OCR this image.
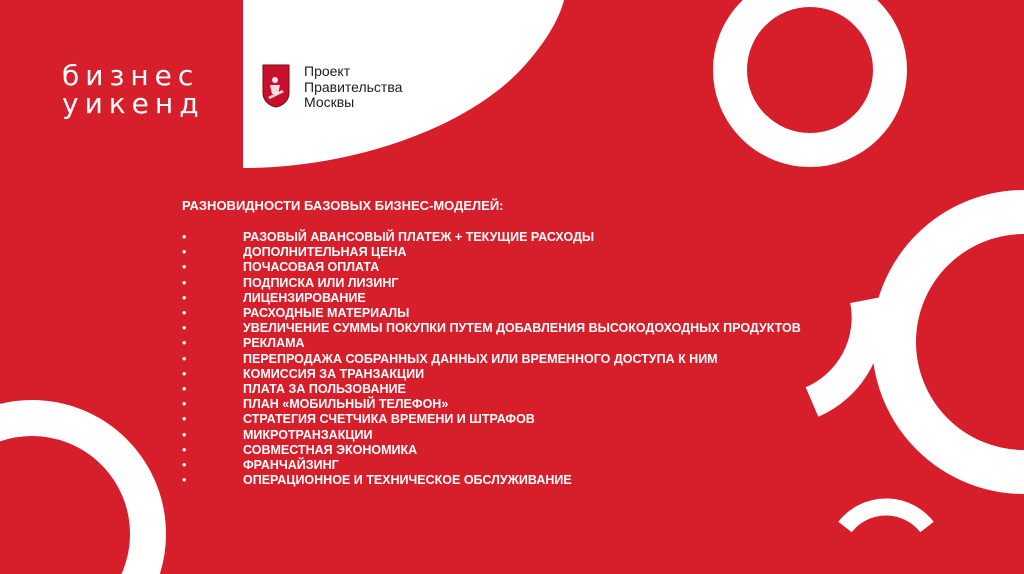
бизнес
уикенд
Проект
Правительства
Москвы
РАЗНОВИДНОСТИ БАЗОВЫХ БИЗНЕС-МОДЕЛЕЙ:
•	РАЗОВЫЙ АВАНСОВЫЙ ПЛАТЕЖ + ТЕКУЩИЕ РАСХОДЫ
•	ДОПОЛНИТЕЛЬНАЯ ЦЕНА
•	ПОЧАСОВАЯ ОПЛАТА
•	ПОДПИСКА ИЛИ ЛИЗИНГ
•	ЛИЦЕНЗИРОВАНИЕ
•	РАСХОДНЫЕ МАТЕРИАЛЫ
•	УВЕЛИЧЕНИЕ СУММЫ ПОКУПКИ ПУТЕМ ДОБАВЛЕНИЯ ВЫСОКОДОХОДНЫХ ПРОДУКТОВ
•	РЕКЛАМА
•	ПЕРЕПРОДАЖА СОБРАННЫХ ДАННЫХ ИЛИ ВРЕМЕННОГО ДОСТУПА К НИМ
•	КОМИССИЯ ЗА ТРАНЗАКЦИИ
•	ПЛАТА ЗА ПОЛЬЗОВАНИЕ
•	ПЛАН «МОБИЛЬНЫЙ ТЕЛЕФОН»
•	СТРАТЕГИЯ СЧЕТЧИКА ВРЕМЕНИ И ШТРАФОВ
•	МИКРОТРАНЗАКЦИИ
•	СОВМЕСТНАЯ ЭКОНОМИКА
•	ФРАНЧАЙЗИНГ
•	ОПЕРАЦИОННОЕ И ТЕХНИЧЕСКОЕ ОБСЛУЖИВАНИЕ
